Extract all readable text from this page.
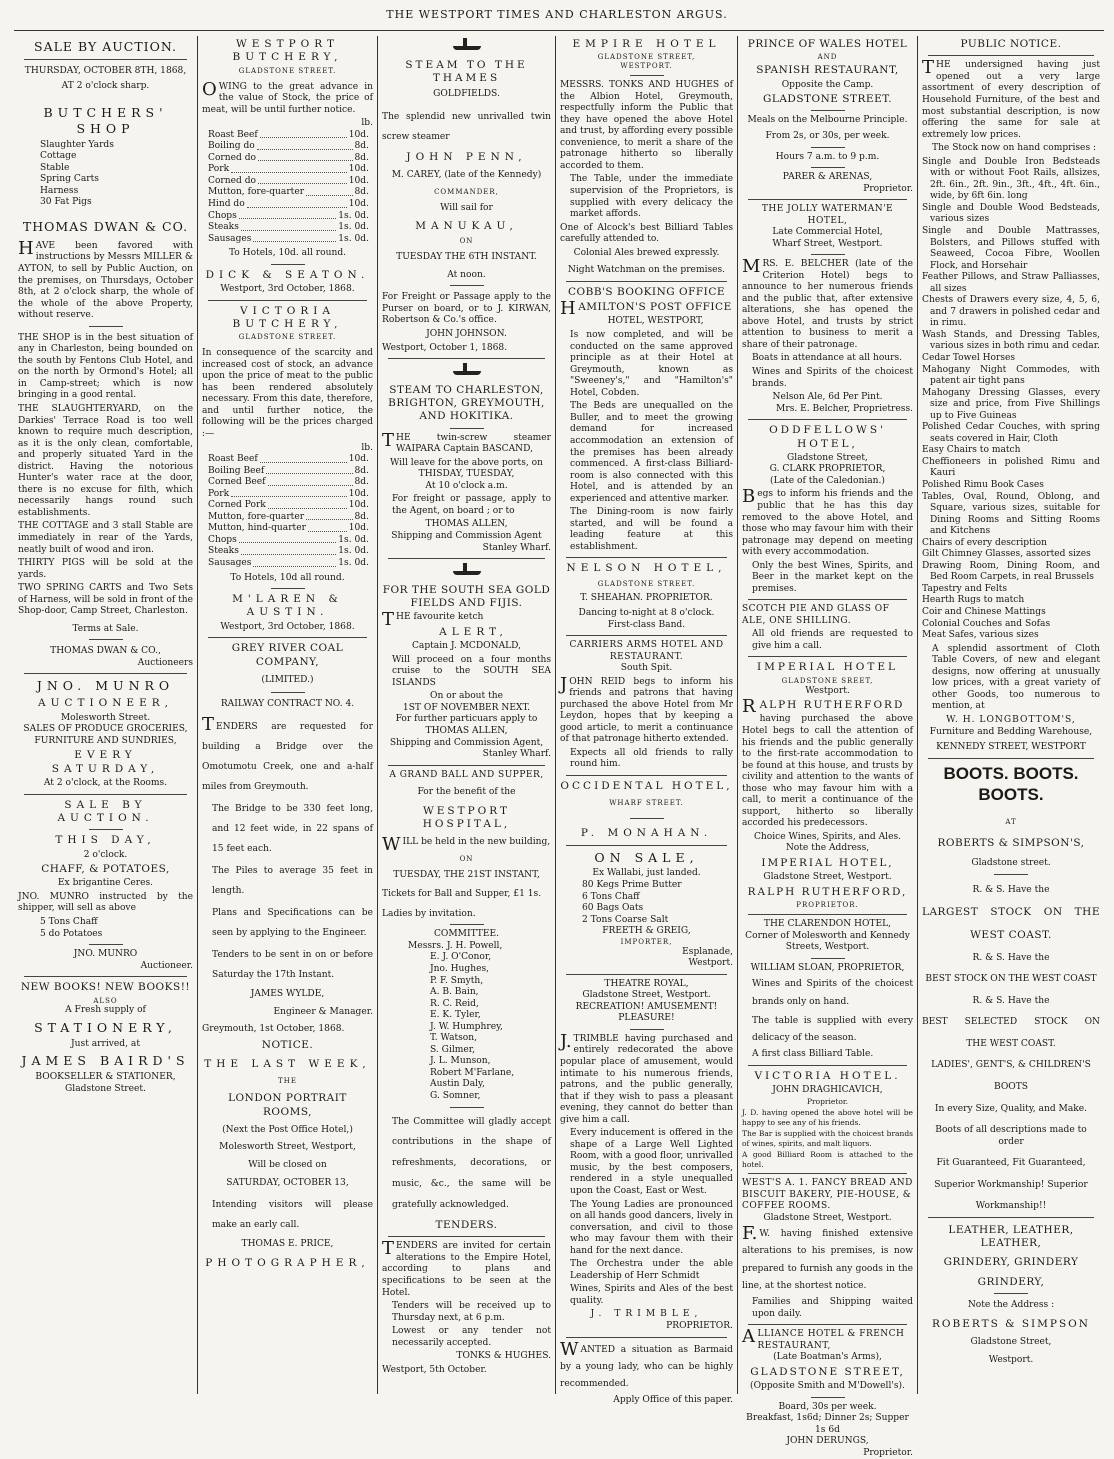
THE WESTPORT TIMES AND CHARLESTON ARGUS.
SALE BY AUCTION.
THURSDAY, OCTOBER 8TH, 1868,
AT 2 o'clock sharp.
BUTCHERS' SHOP
Slaughter Yards
Cottage
Stable
Spring Carts
Harness
30 Fat Pigs
THOMAS DWAN & CO.
HAVE been favored with instructions by Messrs MILLER & AYTON, to sell by Public Auction, on the premises, on Thursdays, October 8th, at 2 o'clock sharp, the whole of the whole of the above Property, without reserve.
THE SHOP is in the best situation of any in Charleston, being bounded on the south by Fentons Club Hotel, and on the north by Ormond's Hotel; all in Camp-street; which is now bringing in a good rental.
THE SLAUGHTERYARD, on the Darkies' Terrace Road is too well known to require much description, as it is the only clean, comfortable, and properly situated Yard in the district. Having the notorious Hunter's water race at the door, there is no excuse for filth, which necessarily hangs round such establishments.
THE COTTAGE and 3 stall Stable are immediately in rear of the Yards, neatly built of wood and iron.
THIRTY PIGS will be sold at the yards.
TWO SPRING CARTS and Two Sets of Harness, will be sold in front of the Shop-door, Camp Street, Charleston.
Terms at Sale.
THOMAS DWAN & CO.,
Auctioneers
JNO. MUNRO
AUCTIONEER,
Molesworth Street.
SALES OF PRODUCE GROCERIES, FURNITURE AND SUNDRIES,
EVERY SATURDAY,
At 2 o'clock, at the Rooms.
SALE BY AUCTION.
THIS DAY,
2 o'clock.
CHAFF, & POTATOES,
Ex brigantine Ceres.
JNO. MUNRO instructed by the shipper, will sell as above
5 Tons Chaff
5 do Potatoes
JNO. MUNRO
Auctioneer.
NEW BOOKS! NEW BOOKS!!
ALSO
A Fresh supply of
STATIONERY,
Just arrived, at
JAMES BAIRD'S
BOOKSELLER & STATIONER,
Gladstone Street.
WESTPORT BUTCHERY,
GLADSTONE STREET.
OWING to the great advance in the value of Stock, the price of meat, will be until further notice.
lb.
Roast Beef	10d.
Boiling do	8d.
Corned do	8d.
Pork	10d.
Corned do	10d.
Mutton, fore-quarter	8d.
Hind do	10d.
Chops	1s. 0d.
Steaks	1s. 0d.
Sausages	1s. 0d.
To Hotels, 10d. all round.
DICK & SEATON.
Westport, 3rd October, 1868.
VICTORIA BUTCHERY,
GLADSTONE STREET.
In consequence of the scarcity and increased cost of stock, an advance upon the price of meat to the public has been rendered absolutely necessary. From this date, therefore, and until further notice, the following will be the prices charged :—
lb.
Roast Beef	10d.
Boiling Beef	8d.
Corned Beef	8d.
Pork	10d.
Corned Pork	10d.
Mutton, fore-quarter	8d.
Mutton, hind-quarter	10d.
Chops	1s. 0d.
Steaks	1s. 0d.
Sausages	1s. 0d.
To Hotels, 10d all round.
M'LAREN & AUSTIN.
Westport, 3rd October, 1868.
GREY RIVER COAL COMPANY,
(LIMITED.)
RAILWAY CONTRACT NO. 4.
TENDERS are requested for building a Bridge over the Omotumotu Creek, one and a-half miles from Greymouth.
The Bridge to be 330 feet long, and 12 feet wide, in 22 spans of 15 feet each.
The Piles to average 35 feet in length.
Plans and Specifications can be seen by applying to the Engineer.
Tenders to be sent in on or before Saturday the 17th Instant.
JAMES WYLDE,
Engineer & Manager.
Greymouth, 1st October, 1868.
NOTICE.
THE LAST WEEK,
THE
LONDON PORTRAIT ROOMS,
(Next the Post Office Hotel,)
Molesworth Street, Westport,
Will be closed on
SATURDAY, OCTOBER 13,
Intending visitors will please make an early call.
THOMAS E. PRICE,
PHOTOGRAPHER,
STEAM TO THE THAMES
GOLDFIELDS.
The splendid new unrivalled twin screw steamer
JOHN PENN,
M. CAREY, (late of the Kennedy)
COMMANDER,
Will sail for
MANUKAU,
ON
TUESDAY THE 6TH INSTANT.
At noon.
For Freight or Passage apply to the Purser on board, or to J. KIRWAN, Robertson & Co.'s office.
JOHN JOHNSON.
Westport, October 1, 1868.
STEAM TO CHARLESTON, BRIGHTON, GREYMOUTH, AND HOKITIKA.
THE twin-screw steamer WAIPARA Captain BASCAND,
Will leave for the above ports, on
THISDAY, TUESDAY,
At 10 o'clock a.m.
For freight or passage, apply to the Agent, on board ; or to
THOMAS ALLEN,
Shipping and Commission Agent
Stanley Wharf.
FOR THE SOUTH SEA GOLD FIELDS AND FIJIS.
THE favourite ketch
ALERT,
Captain J. MCDONALD,
Will proceed on a four months cruise to the SOUTH SEA ISLANDS
On or about the
1ST OF NOVEMBER NEXT.
For further particuars apply to
THOMAS ALLEN,
Shipping and Commission Agent,
Stanley Wharf.
A GRAND BALL AND SUPPER,
For the benefit of the
WESTPORT HOSPITAL,
WILL be held in the new building,
ON
TUESDAY, THE 21ST INSTANT,
Tickets for Ball and Supper, £1 1s.
Ladies by invitation.
COMMITTEE.
Messrs. J. H. Powell,
E. J. O'Conor,
Jno. Hughes,
P. F. Smyth,
A. B. Bain,
R. C. Reid,
E. K. Tyler,
J. W. Humphrey,
T. Watson,
S. Gilmer,
J. L. Munson,
Robert M'Farlane,
Austin Daly,
G. Somner,
The Committee will gladly accept contributions in the shape of refreshments, decorations, or music, &c., the same will be gratefully acknowledged.
TENDERS.
TENDERS are invited for certain alterations to the Empire Hotel, according to plans and specifications to be seen at the Hotel.
Tenders will be received up to Thursday next, at 6 p.m.
Lowest or any tender not necessarily accepted.
TONKS & HUGHES.
Westport, 5th October.
EMPIRE HOTEL
GLADSTONE STREET,
WESTPORT.
MESSRS. TONKS AND HUGHES of the Albion Hotel, Greymouth, respectfully inform the Public that they have opened the above Hotel and trust, by affording every possible convenience, to merit a share of the patronage hitherto so liberally accorded to them.
The Table, under the immediate supervision of the Proprietors, is supplied with every delicacy the market affords.
One of Alcock's best Billiard Tables carefully attended to.
Colonial Ales brewed expressly.
Night Watchman on the premises.
COBB'S BOOKING OFFICE
HAMILTON'S POST OFFICE
HOTEL, WESTPORT,
Is now completed, and will be conducted on the same approved principle as at their Hotel at Greymouth, known as "Sweeney's," and "Hamilton's" Hotel, Cobden.
The Beds are unequalled on the Buller, and to meet the growing demand for increased accommodation an extension of the premises has been already commenced. A first-class Billiard-room is also connected with this Hotel, and is attended by an experienced and attentive marker.
The Dining-room is now fairly started, and will be found a leading feature at this establishment.
NELSON HOTEL,
GLADSTONE STREET.
T. SHEAHAN. PROPRIETOR.
Dancing to-night at 8 o'clock.
First-class Band.
CARRIERS ARMS HOTEL AND RESTAURANT.
South Spit.
JOHN REID begs to inform his friends and patrons that having purchased the above Hotel from Mr Leydon, hopes that by keeping a good article, to merit a continuance of that patronage hitherto extended.
Expects all old friends to rally round him.
OCCIDENTAL HOTEL,
WHARF STREET.
P. MONAHAN.
ON SALE,
Ex Wallabi, just landed.
80 Kegs Prime Butter
6 Tons Chaff
60 Bags Oats
2 Tons Coarse Salt
FREETH & GREIG,
IMPORTER,
Esplanade,
Westport.
THEATRE ROYAL,
Gladstone Street, Westport.
RECREATION! AMUSEMENT! PLEASURE!
J.TRIMBLE having purchased and entirely redecorated the above popular place of amusement, would intimate to his numerous friends, patrons, and the public generally, that if they wish to pass a pleasant evening, they cannot do better than give him a call.
Every inducement is offered in the shape of a Large Well Lighted Room, with a good floor, unrivalled music, by the best composers, rendered in a style unequalled upon the Coast, East or West.
The Young Ladies are pronounced on all hands good dancers, lively in conversation, and civil to those who may favour them with their hand for the next dance.
The Orchestra under the able Leadership of Herr Schmidt
Wines, Spirits and Ales of the best quality.
J. TRIMBLE,
PROPRIETOR.
WANTED a situation as Barmaid by a young lady, who can be highly recommended.
Apply Office of this paper.
PRINCE OF WALES HOTEL
AND
SPANISH RESTAURANT,
Opposite the Camp.
GLADSTONE STREET.
Meals on the Melbourne Principle.
From 2s, or 30s, per week.
Hours 7 a.m. to 9 p.m.
PARER & ARENAS,
Proprietor.
THE JOLLY WATERMAN'E HOTEL,
Late Commercial Hotel,
Wharf Street, Westport.
MRS. E. BELCHER (late of the Criterion Hotel) begs to announce to her numerous friends and the public that, after extensive alterations, she has opened the above Hotel, and trusts by strict attention to business to merit a share of their patronage.
Boats in attendance at all hours.
Wines and Spirits of the choicest brands.
Nelson Ale, 6d Per Pint.
Mrs. E. Belcher, Proprietress.
ODDFELLOWS' HOTEL,
Gladstone Street,
G. CLARK PROPRIETOR,
(Late of the Caledonian.)
Begs to inform his friends and the public that he has this day removed to the above Hotel, and those who may favour him with their patronage may depend on meeting with every accommodation.
Only the best Wines, Spirits, and Beer in the market kept on the premises.
SCOTCH PIE AND GLASS OF ALE, ONE SHILLING.
All old friends are requested to give him a call.
IMPERIAL HOTEL
GLADSTONE SREET,
Westport.
RALPH RUTHERFORD
having purchased the above Hotel begs to call the attention of his friends and the public generally to the first-rate accommodation to be found at this house, and trusts by civility and attention to the wants of those who may favour him with a call, to merit a continuance of the support, hitherto so liberally accorded his predecessors.
Choice Wines, Spirits, and Ales.
Note the Address,
IMPERIAL HOTEL,
Gladstone Street, Westport.
RALPH RUTHERFORD,
PROPRIETOR.
THE CLARENDON HOTEL,
Corner of Molesworth and Kennedy Streets, Westport.
WILLIAM SLOAN, PROPRIETOR,
Wines and Spirits of the choicest brands only on hand.
The table is supplied with every delicacy of the season.
A first class Billiard Table.
VICTORIA HOTEL.
JOHN DRAGHICAVICH,
Proprietor.
J. D. having opened the above hotel will be happy to see any of his friends.
The Bar is supplied with the choicest brands of wines, spirits, and malt liquors.
A good Billiard Room is attached to the hotel.
WEST'S A. 1. FANCY BREAD AND BISCUIT BAKERY, PIE-HOUSE, & COFFEE ROOMS.
Gladstone Street, Westport.
F.W. having finished extensive alterations to his premises, is now prepared to furnish any goods in the line, at the shortest notice.
Families and Shipping waited upon daily.
ALLIANCE HOTEL & FRENCH RESTAURANT,
(Late Boatman's Arms),
GLADSTONE STREET,
(Opposite Smith and M'Dowell's).
Board, 30s per week.
Breakfast, 1s6d; Dinner 2s; Supper 1s 6d
JOHN DERUNGS,
Proprietor.
PUBLIC NOTICE.
THE undersigned having just opened out a very large assortment of every description of Household Furniture, of the best and most substantial description, is now offering the same for sale at extremely low prices.
The Stock now on hand comprises :
Single and Double Iron Bedsteads with or without Foot Rails, allsizes, 2ft. 6in., 2ft. 9in., 3ft., 4ft., 4ft. 6in., wide, by 6ft 6in. long
Single and Double Wood Bedsteads, various sizes
Single and Double Mattrasses, Bolsters, and Pillows stuffed with Seaweed, Cocoa Fibre, Woollen Flock, and Horsehair
Feather Pillows, and Straw Palliasses, all sizes
Chests of Drawers every size, 4, 5, 6, and 7 drawers in polished cedar and in rimu.
Wash Stands, and Dressing Tables, various sizes in both rimu and cedar.
Cedar Towel Horses
Mahogany Night Commodes, with patent air tight pans
Mahogany Dressing Glasses, every size and price, from Five Shillings up to Five Guineas
Polished Cedar Couches, with spring seats covered in Hair, Cloth
Easy Chairs to match
Cheffioneers in polished Rimu and Kauri
Polished Rimu Book Cases
Tables, Oval, Round, Oblong, and Square, various sizes, suitable for Dining Rooms and Sitting Rooms and Kitchens
Chairs of every description
Gilt Chimney Glasses, assorted sizes
Drawing Room, Dining Room, and Bed Room Carpets, in real Brussels
Tapestry and Felts
Hearth Rugs to match
Coir and Chinese Mattings
Colonial Couches and Sofas
Meat Safes, various sizes
A splendid assortment of Cloth Table Covers, of new and elegant designs, now offering at unusually low prices, with a great variety of other Goods, too numerous to mention, at
W. H. LONGBOTTOM'S,
Furniture and Bedding Warehouse,
KENNEDY STREET, WESTPORT
BOOTS. BOOTS. BOOTS.
AT
ROBERTS & SIMPSON'S,
Gladstone street.
R. & S. Have the
LARGEST STOCK ON THE
WEST COAST.
R. & S. Have the
BEST STOCK ON THE WEST COAST
R. & S. Have the
BEST SELECTED STOCK ON
THE WEST COAST.
LADIES', GENT'S, & CHILDREN'S
BOOTS
In every Size, Quality, and Make.
Boots of all descriptions made to order
Fit Guaranteed, Fit Guaranteed,
Superior Workmanship! Superior
Workmanship!!
LEATHER, LEATHER, LEATHER,
GRINDERY, GRINDERY
GRINDERY,
Note the Address :
ROBERTS & SIMPSON
Gladstone Street,
Westport.
